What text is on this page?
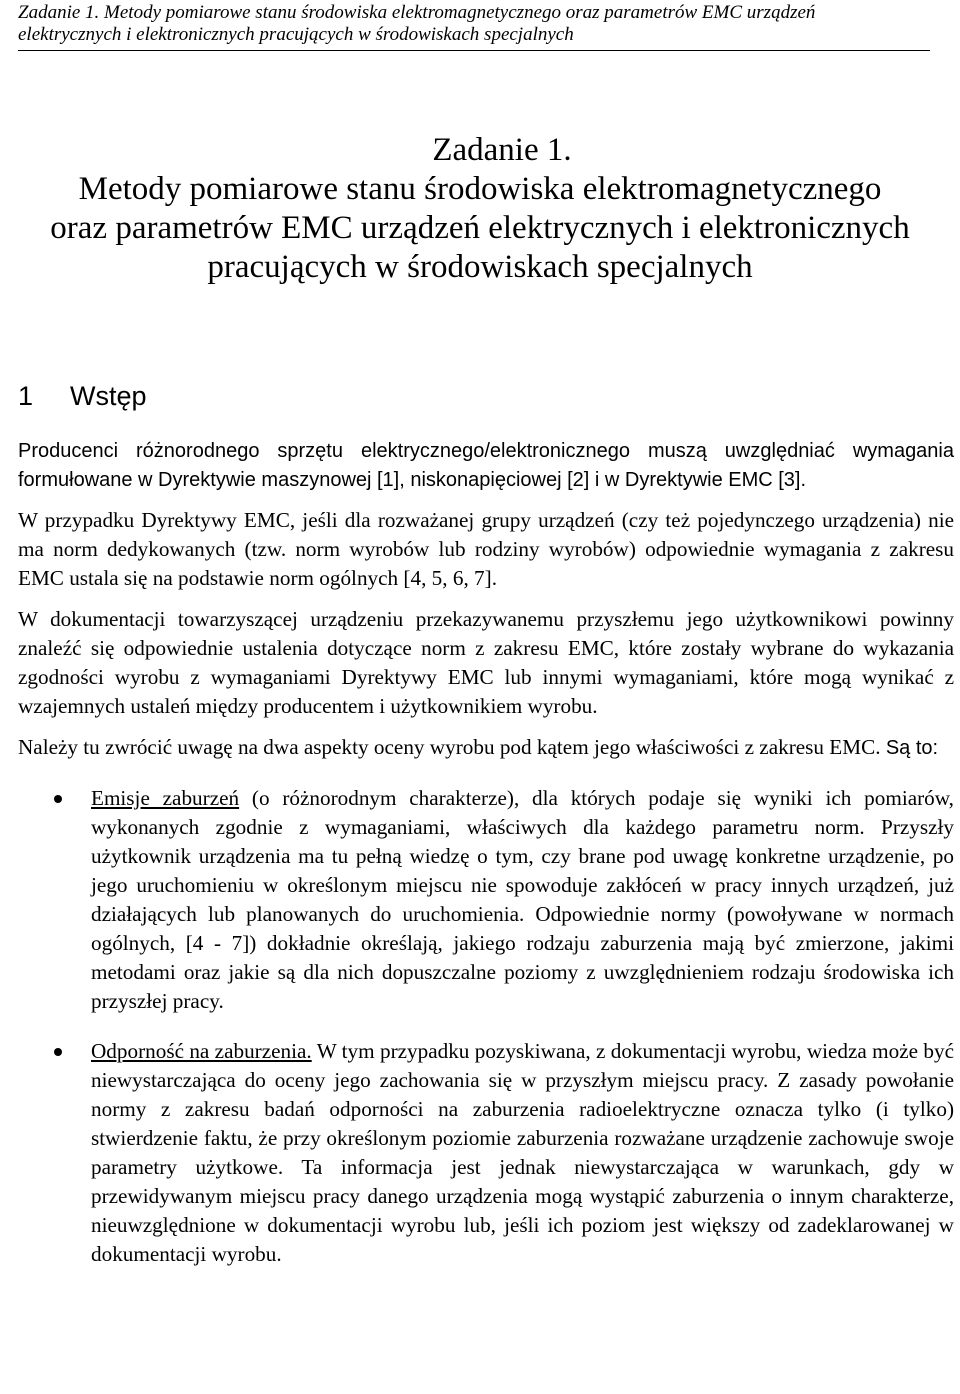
Zadanie 1. Metody pomiarowe stanu środowiska elektromagnetycznego oraz parametrów EMC urządzeń
elektrycznych i elektronicznych pracujących w środowiskach specjalnych
Zadanie 1.
Metody pomiarowe stanu środowiska elektromagnetycznego
oraz parametrów EMC urządzeń elektrycznych i elektronicznych
pracujących w środowiskach specjalnych
1 Wstęp

Producenci różnorodnego sprzętu elektrycznego/elektronicznego muszą uwzględniać wymagania formułowane w Dyrektywie maszynowej [1], niskonapięciowej [2] i w Dyrektywie EMC [3].

W przypadku Dyrektywy EMC, jeśli dla rozważanej grupy urządzeń (czy też pojedynczego urządzenia) nie ma norm dedykowanych (tzw. norm wyrobów lub rodziny wyrobów) odpowiednie wymagania z zakresu EMC ustala się na podstawie norm ogólnych [4, 5, 6, 7].

W dokumentacji towarzyszącej urządzeniu przekazywanemu przyszłemu jego użytkownikowi powinny znaleźć się odpowiednie ustalenia dotyczące norm z zakresu EMC, które zostały wybrane do wykazania zgodności wyrobu z wymaganiami Dyrektywy EMC lub innymi wymaganiami, które mogą wynikać z wzajemnych ustaleń między producentem i użytkownikiem wyrobu.

Należy tu zwrócić uwagę na dwa aspekty oceny wyrobu pod kątem jego właściwości z zakresu EMC. Są to:

Emisje zaburzeń (o różnorodnym charakterze), dla których podaje się wyniki ich pomiarów, wykonanych zgodnie z wymaganiami, właściwych dla każdego parametru norm. Przyszły użytkownik urządzenia ma tu pełną wiedzę o tym, czy brane pod uwagę konkretne urządzenie, po jego uruchomieniu w określonym miejscu nie spowoduje zakłóceń w pracy innych urządzeń, już działających lub planowanych do uruchomienia. Odpowiednie normy (powoływane w normach ogólnych, [4 - 7]) dokładnie określają, jakiego rodzaju zaburzenia mają być zmierzone, jakimi metodami oraz jakie są dla nich dopuszczalne poziomy z uwzględnieniem rodzaju środowiska ich przyszłej pracy.
Odporność na zaburzenia. W tym przypadku pozyskiwana, z dokumentacji wyrobu, wiedza może być niewystarczająca do oceny jego zachowania się w przyszłym miejscu pracy. Z zasady powołanie normy z zakresu badań odporności na zaburzenia radioelektryczne oznacza tylko (i tylko) stwierdzenie faktu, że przy określonym poziomie zaburzenia rozważane urządzenie zachowuje swoje parametry użytkowe. Ta informacja jest jednak niewystarczająca w warunkach, gdy w przewidywanym miejscu pracy danego urządzenia mogą wystąpić zaburzenia o innym charakterze, nieuwzględnione w dokumentacji wyrobu lub, jeśli ich poziom jest większy od zadeklarowanej w dokumentacji wyrobu.
